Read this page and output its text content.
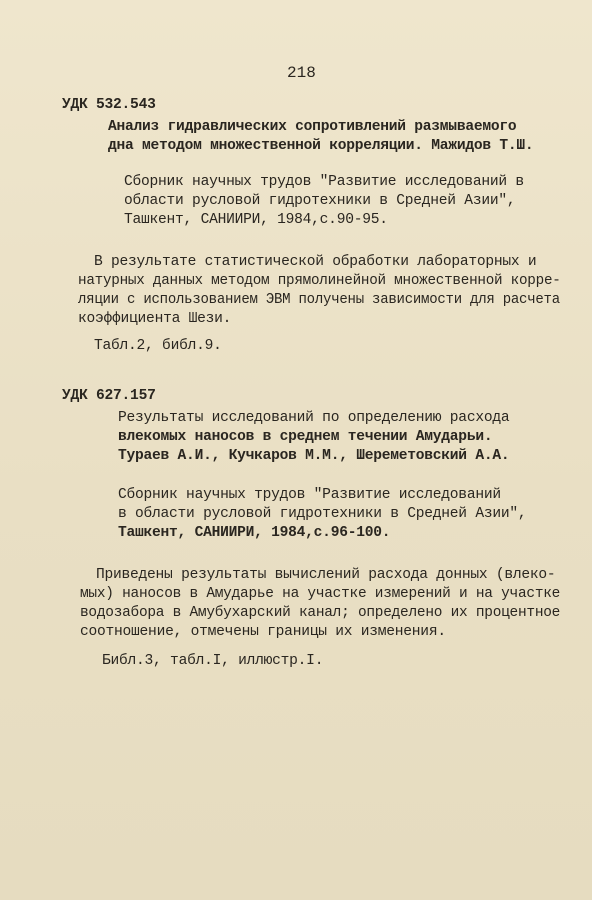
218
УДК 532.543
Анализ гидравлических сопротивлений размываемого
дна методом множественной корреляции. Мажидов Т.Ш.
Сборник научных трудов "Развитие исследований в
области русловой гидротехники в Средней Азии",
Ташкент, САНИИРИ, 1984,с.90-95.
В результате статистической обработки лабораторных и
натурных данных методом прямолинейной множественной корре-
ляции с использованием ЭВМ получены зависимости для расчета
коэффициента Шези.
Табл.2, библ.9.
УДК 627.157
Результаты исследований по определению расхода
влекомых наносов в среднем течении Амударьи.
Тураев А.И., Кучкаров М.М., Шереметовский А.А.
Сборник научных трудов "Развитие исследований
в области русловой гидротехники в Средней Азии",
Ташкент, САНИИРИ, 1984,с.96-100.
Приведены результаты вычислений расхода донных (влеко-
мых) наносов в Амударье на участке измерений и на участке
водозабора в Амубухарский канал; определено их процентное
соотношение, отмечены границы их изменения.
Библ.3, табл.I, иллюстр.I.
